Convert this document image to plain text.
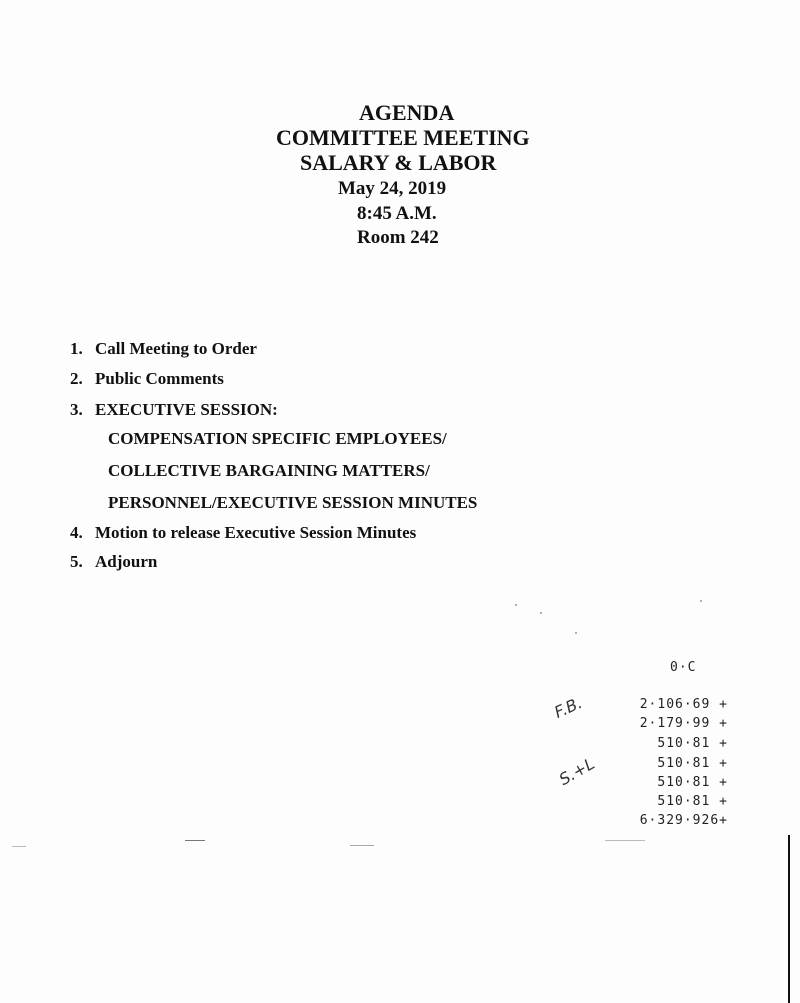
AGENDA
COMMITTEE MEETING
SALARY & LABOR
May 24, 2019
8:45 A.M.
Room 242
1. Call Meeting to Order
2. Public Comments
3. EXECUTIVE SESSION:
COMPENSATION SPECIFIC EMPLOYEES/
COLLECTIVE BARGAINING MATTERS/
PERSONNEL/EXECUTIVE SESSION MINUTES
4. Motion to release Executive Session Minutes
5. Adjourn
0·C
2·106·69 +
2·179·99 +
510·81 +
510·81 +
510·81 +
510·81 +
6·329·926+
F.B.
S.+L
